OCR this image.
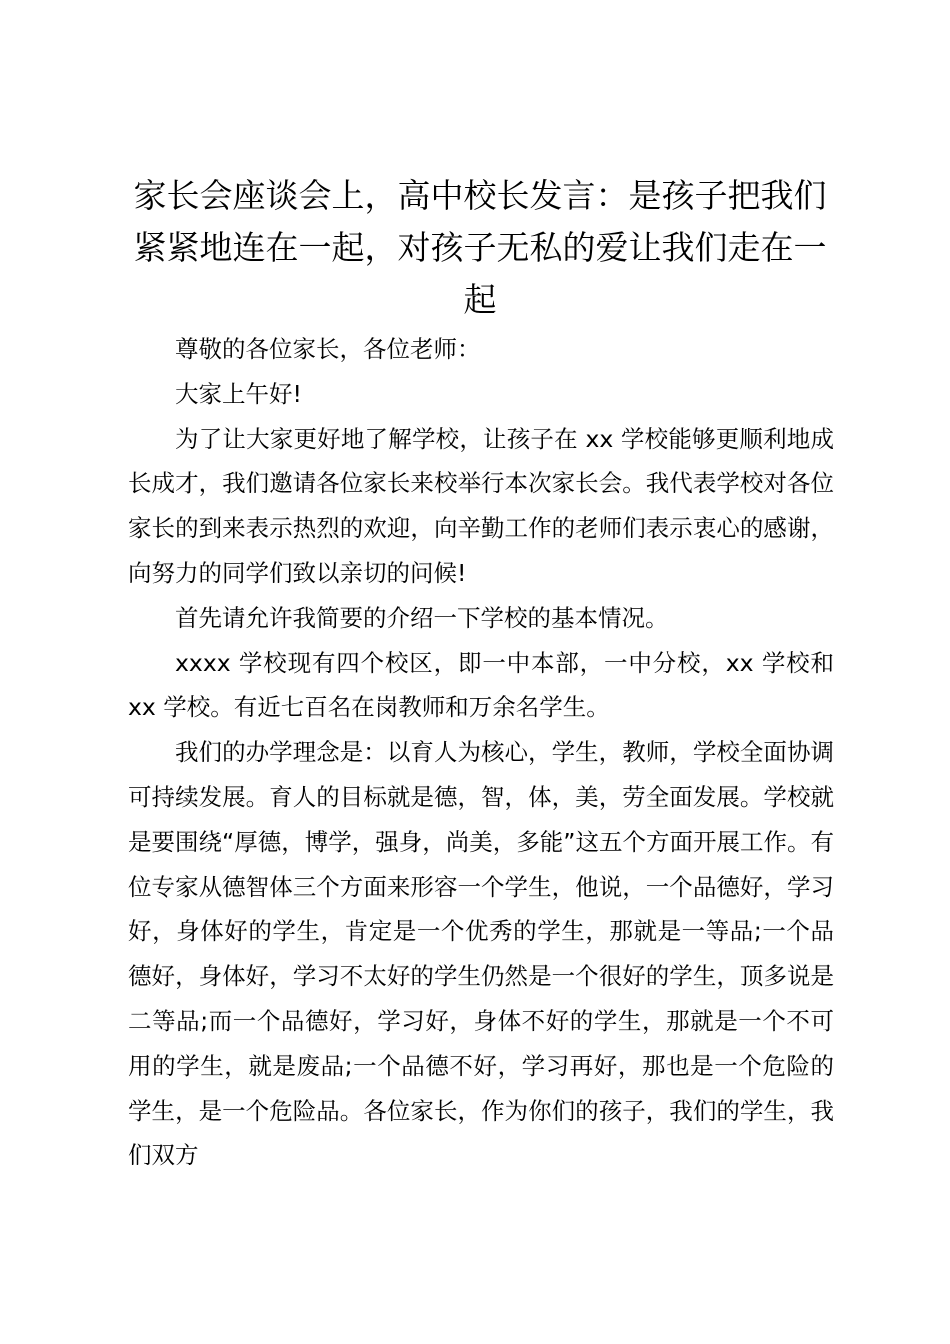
家长会座谈会上，高中校长发言：是孩子把我们紧紧地连在一起，对孩子无私的爱让我们走在一起

尊敬的各位家长，各位老师：

大家上午好!

为了让大家更好地了解学校，让孩子在 xx 学校能够更顺利地成长成才，我们邀请各位家长来校举行本次家长会。我代表学校对各位家长的到来表示热烈的欢迎，向辛勤工作的老师们表示衷心的感谢，向努力的同学们致以亲切的问候!

首先请允许我简要的介绍一下学校的基本情况。

xxxx 学校现有四个校区，即一中本部，一中分校，xx 学校和 xx 学校。有近七百名在岗教师和万余名学生。

我们的办学理念是：以育人为核心，学生，教师，学校全面协调可持续发展。育人的目标就是德，智，体，美，劳全面发展。学校就是要围绕“厚德，博学，强身，尚美，多能”这五个方面开展工作。有位专家从德智体三个方面来形容一个学生，他说，一个品德好，学习好，身体好的学生，肯定是一个优秀的学生，那就是一等品;一个品德好，身体好，学习不太好的学生仍然是一个很好的学生，顶多说是二等品;而一个品德好，学习好，身体不好的学生，那就是一个不可用的学生，就是废品;一个品德不好，学习再好，那也是一个危险的学生，是一个危险品。各位家长，作为你们的孩子，我们的学生，我们双方
